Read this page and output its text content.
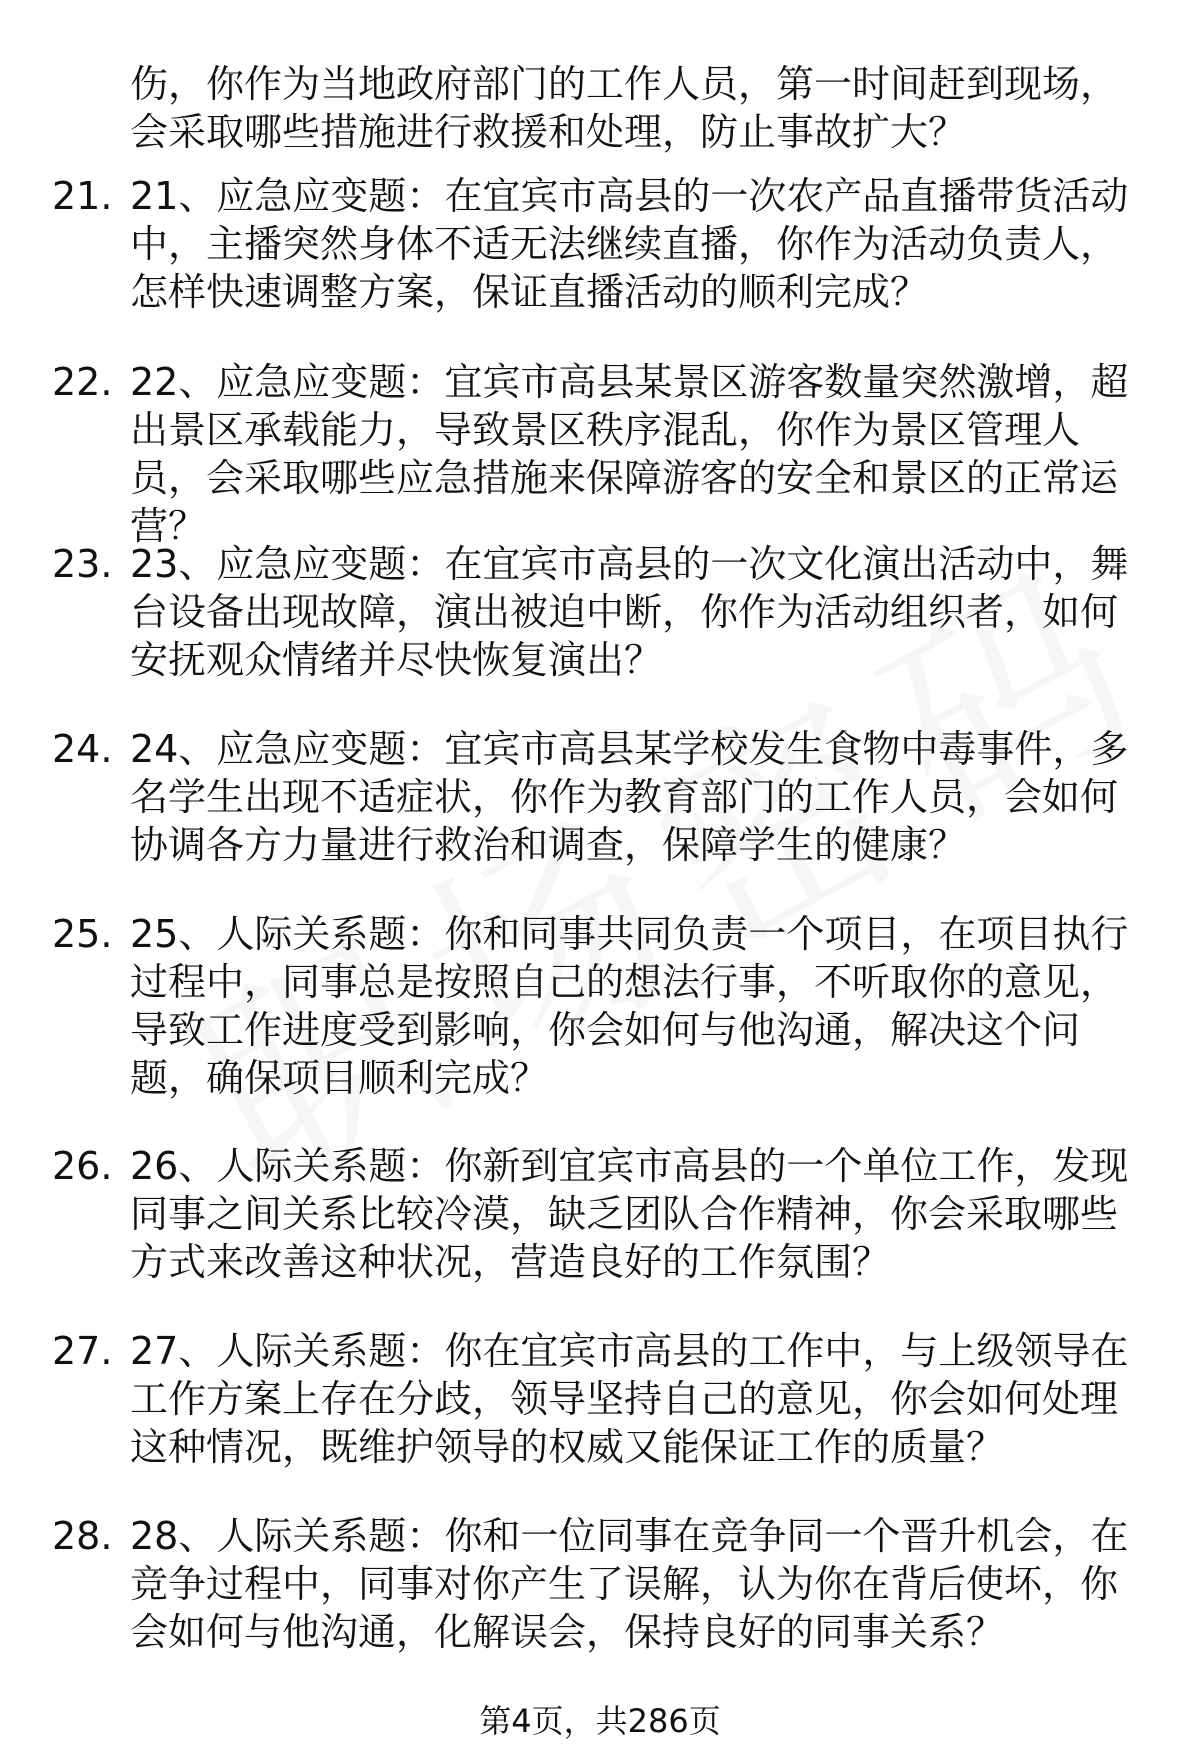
伤，你作为当地政府部门的工作人员，第一时间赶到现场，会采取哪些措施进行救援和处理，防止事故扩大？
21. 21、应急应变题：在宜宾市高县的一次农产品直播带货活动中，主播突然身体不适无法继续直播，你作为活动负责人，怎样快速调整方案，保证直播活动的顺利完成？
22. 22、应急应变题：宜宾市高县某景区游客数量突然激增，超出景区承载能力，导致景区秩序混乱，你作为景区管理人员，会采取哪些应急措施来保障游客的安全和景区的正常运营？
23. 23、应急应变题：在宜宾市高县的一次文化演出活动中，舞台设备出现故障，演出被迫中断，你作为活动组织者，如何安抚观众情绪并尽快恢复演出？
24. 24、应急应变题：宜宾市高县某学校发生食物中毒事件，多名学生出现不适症状，你作为教育部门的工作人员，会如何协调各方力量进行救治和调查，保障学生的健康？
25. 25、人际关系题：你和同事共同负责一个项目，在项目执行过程中，同事总是按照自己的想法行事，不听取你的意见，导致工作进度受到影响，你会如何与他沟通，解决这个问题，确保项目顺利完成？
26. 26、人际关系题：你新到宜宾市高县的一个单位工作，发现同事之间关系比较冷漠，缺乏团队合作精神，你会采取哪些方式来改善这种状况，营造良好的工作氛围？
27. 27、人际关系题：你在宜宾市高县的工作中，与上级领导在工作方案上存在分歧，领导坚持自己的意见，你会如何处理这种情况，既维护领导的权威又能保证工作的质量？
28. 28、人际关系题：你和一位同事在竞争同一个晋升机会，在竞争过程中，同事对你产生了误解，认为你在背后使坏，你会如何与他沟通，化解误会，保持良好的同事关系？
第4页，共286页
